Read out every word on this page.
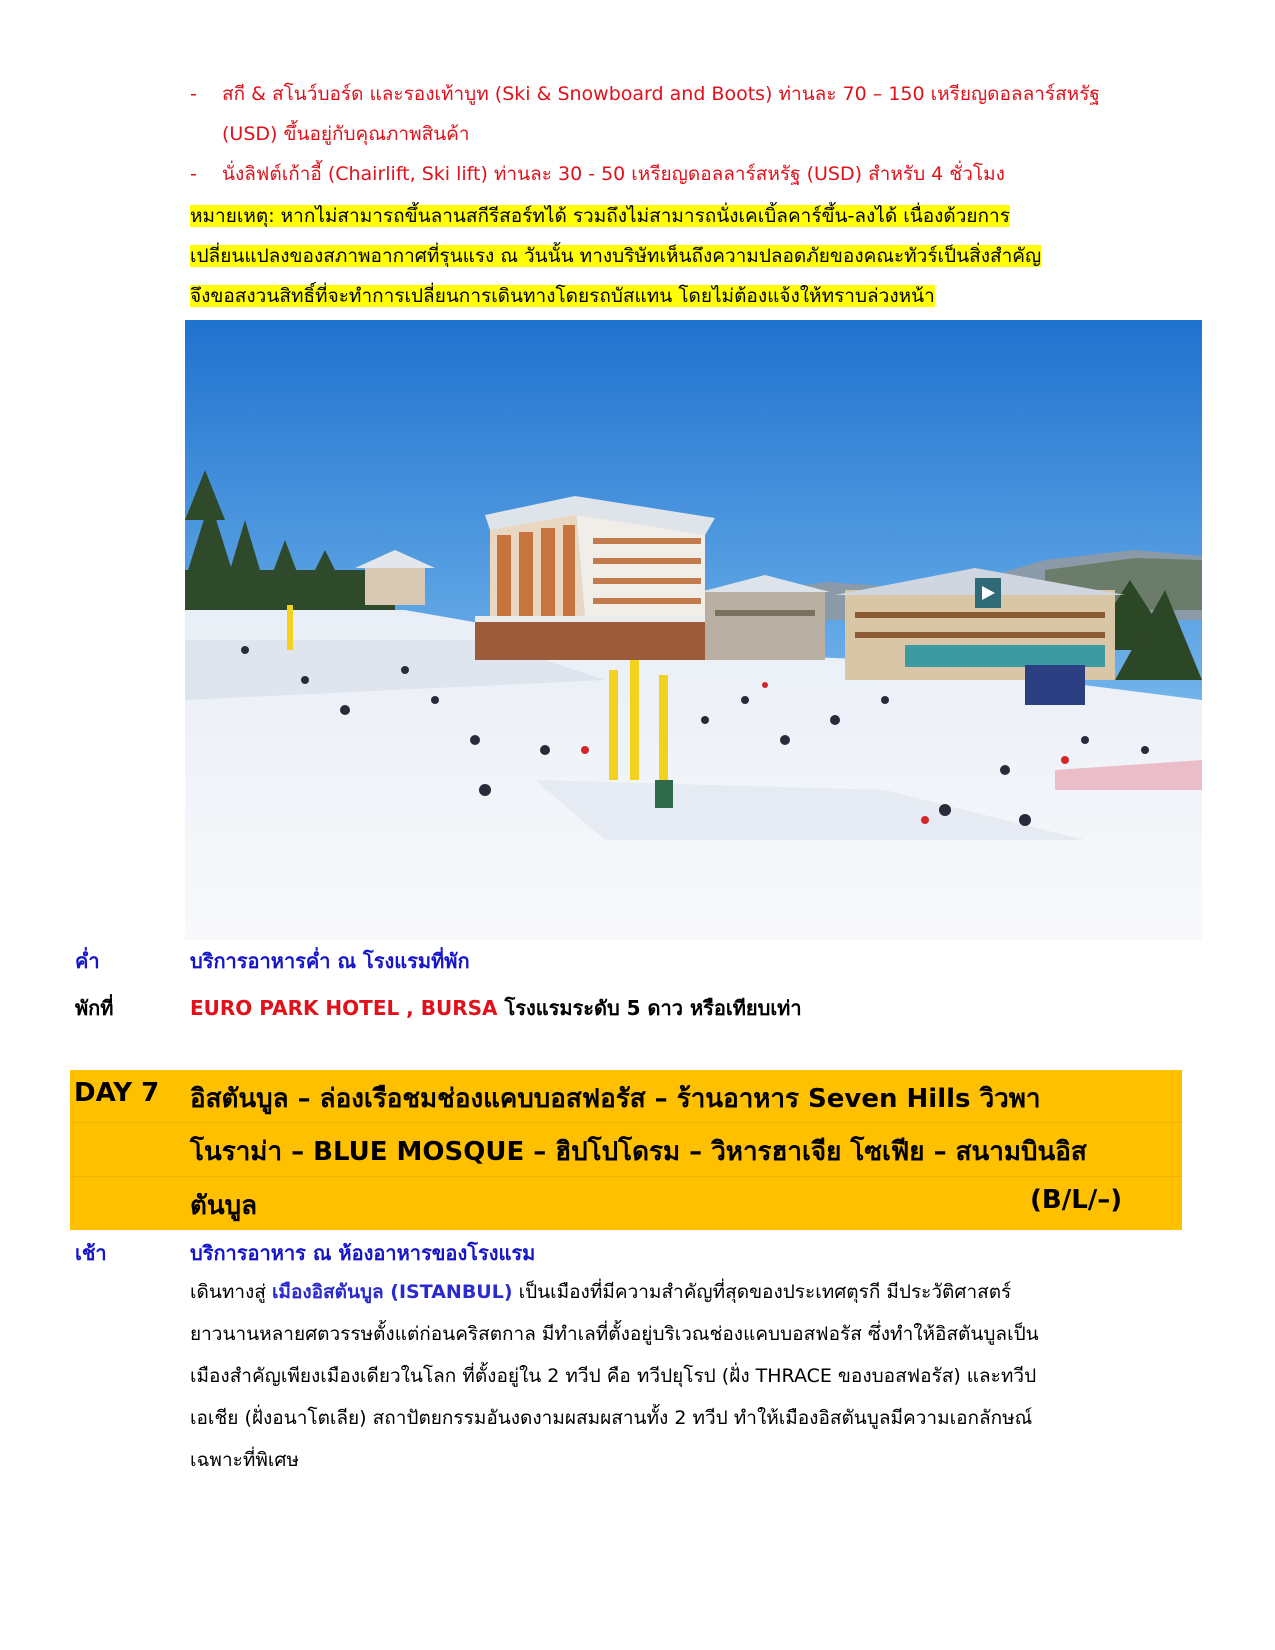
- สกี & สโนว์บอร์ด และรองเท้าบูท (Ski & Snowboard and Boots) ท่านละ 70 – 150 เหรียญดอลลาร์สหรัฐ
(USD) ขึ้นอยู่กับคุณภาพสินค้า
- นั่งลิฟต์เก้าอี้ (Chairlift, Ski lift) ท่านละ 30 - 50 เหรียญดอลลาร์สหรัฐ (USD) สำหรับ 4 ชั่วโมง
หมายเหตุ: หากไม่สามารถขึ้นลานสกีรีสอร์ทได้ รวมถึงไม่สามารถนั่งเคเบิ้ลคาร์ขึ้น-ลงได้ เนื่องด้วยการ
เปลี่ยนแปลงของสภาพอากาศที่รุนแรง ณ วันนั้น ทางบริษัทเห็นถึงความปลอดภัยของคณะทัวร์เป็นสิ่งสำคัญ
จึงขอสงวนสิทธิ์ที่จะทำการเปลี่ยนการเดินทางโดยรถบัสแทน โดยไม่ต้องแจ้งให้ทราบล่วงหน้า
ค่ำ	บริการอาหารค่ำ ณ โรงแรมที่พัก
พักที่	EURO PARK HOTEL , BURSA โรงแรมระดับ 5 ดาว หรือเทียบเท่า
DAY 7 อิสตันบูล – ล่องเรือชมช่องแคบบอสฟอรัส – ร้านอาหาร Seven Hills วิวพา
โนราม่า – BLUE MOSQUE – ฮิปโปโดรม – วิหารฮาเจีย โซเฟีย – สนามบินอิส
ตันบูล	(B/L/–)
เช้า	บริการอาหาร ณ ห้องอาหารของโรงแรม
เดินทางสู่ เมืองอิสตันบูล (ISTANBUL) เป็นเมืองที่มีความสำคัญที่สุดของประเทศตุรกี มีประวัติศาสตร์
ยาวนานหลายศตวรรษตั้งแต่ก่อนคริสตกาล มีทำเลที่ตั้งอยู่บริเวณช่องแคบบอสฟอรัส ซึ่งทำให้อิสตันบูลเป็น
เมืองสำคัญเพียงเมืองเดียวในโลก ที่ตั้งอยู่ใน 2 ทวีป คือ ทวีปยุโรป (ฝั่ง THRACE ของบอสฟอรัส) และทวีป
เอเชีย (ฝั่งอนาโตเลีย) สถาปัตยกรรมอันงดงามผสมผสานทั้ง 2 ทวีป ทำให้เมืองอิสตันบูลมีความเอกลักษณ์
เฉพาะที่พิเศษ
